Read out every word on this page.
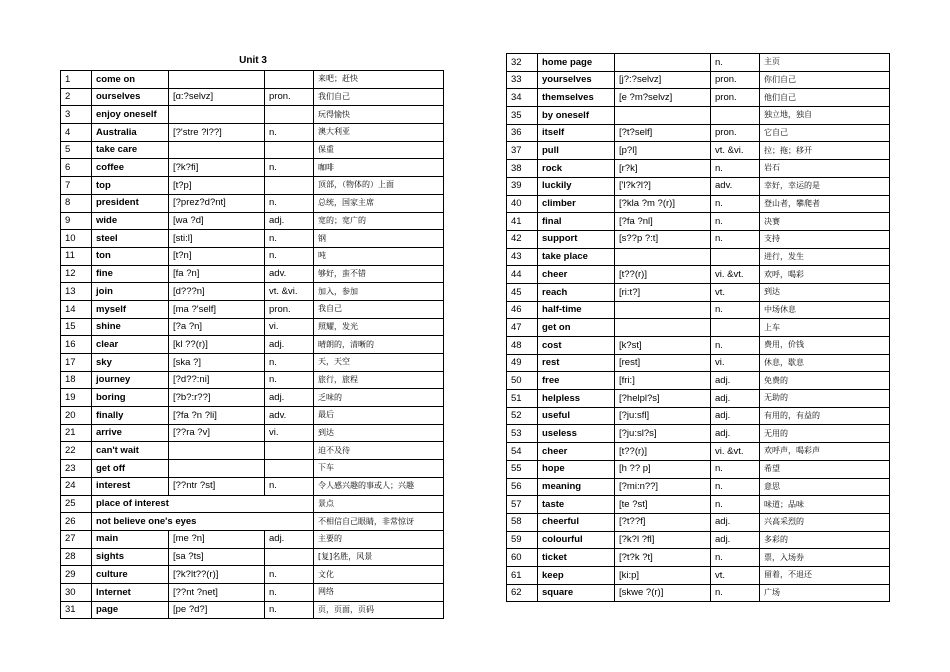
Unit 3
1	come on			来吧；赶快
2	ourselves	[ɑ:?selvz]	pron.	我们自己
3	enjoy oneself			玩得愉快
4	Australia	[?'stre ?l??]	n.	澳大利亚
5	take care			保重
6	coffee	[?k?fi]	n.	咖啡
7	top	[t?p]		顶部，（物体的）上面
8	president	[?prez?d?nt]	n.	总统，国家主席
9	wide	[wa ?d]	adj.	宽的；宽广的
10	steel	[sti:l]	n.	钢
11	ton	[t?n]	n.	吨
12	fine	[fa ?n]	adv.	够好，蛮不错
13	join	[d???n]	vt. &vi.	加入，参加
14	myself	[ma ?'self]	pron.	我自己
15	shine	[?a ?n]	vi.	照耀，发光
16	clear	[kl ??(r)]	adj.	晴朗的，清晰的
17	sky	[ska ?]	n.	天，天空
18	journey	[?d??:ni]	n.	旅行，旅程
19	boring	[?b?:r??]	adj.	乏味的
20	finally	[?fa ?n ?li]	adv.	最后
21	arrive	[??ra ?v]	vi.	到达
22	can't wait			迫不及待
23	get off			下车
24	interest	[??ntr ?st]	n.	令人感兴趣的事或人；兴趣
25	place of interest			景点
26	not believe one's eyes			不相信自己眼睛，非常惊讶
27	main	[me ?n]	adj.	主要的
28	sights	[sa ?ts]		[复]名胜，风景
29	culture	[?k?lt??(r)]	n.	文化
30	Internet	[??nt ?net]	n.	网络
31	page	[pe ?d?]	n.	页，页面，页码
32	home page		n.	主页
33	yourselves	[j?:?selvz]	pron.	你们自己
34	themselves	[e ?m?selvz]	pron.	他们自己
35	by oneself			独立地，独自
36	itself	[?t?self]	pron.	它自己
37	pull	[p?l]	vt. &vi.	拉；拖；移开
38	rock	[r?k]	n.	岩石
39	luckily	['l?k?l?]	adv.	幸好，幸运的是
40	climber	[?kla ?m ?(r)]	n.	登山者，攀爬者
41	final	[?fa ?nl]	n.	决赛
42	support	[s??p ?:t]	n.	支持
43	take place			进行，发生
44	cheer	[t??(r)]	vi. &vt.	欢呼，喝彩
45	reach	[ri:t?]	vt.	到达
46	half-time		n.	中场休息
47	get on			上车
48	cost	[k?st]	n.	费用，价钱
49	rest	[rest]	vi.	休息，歇息
50	free	[fri:]	adj.	免费的
51	helpless	[?helpl?s]	adj.	无助的
52	useful	[?ju:sfl]	adj.	有用的，有益的
53	useless	[?ju:sl?s]	adj.	无用的
54	cheer	[t??(r)]	vi. &vt.	欢呼声，喝彩声
55	hope	[h ?? p]	n.	希望
56	meaning	[?mi:n??]	n.	意思
57	taste	[te ?st]	n.	味道；品味
58	cheerful	[?t??f]	adj.	兴高采烈的
59	colourful	[?k?l ?fl]	adj.	多彩的
60	ticket	[?t?k ?t]	n.	票，入场券
61	keep	[ki:p]	vt.	留着，不退还
62	square	[skwe ?(r)]	n.	广场
